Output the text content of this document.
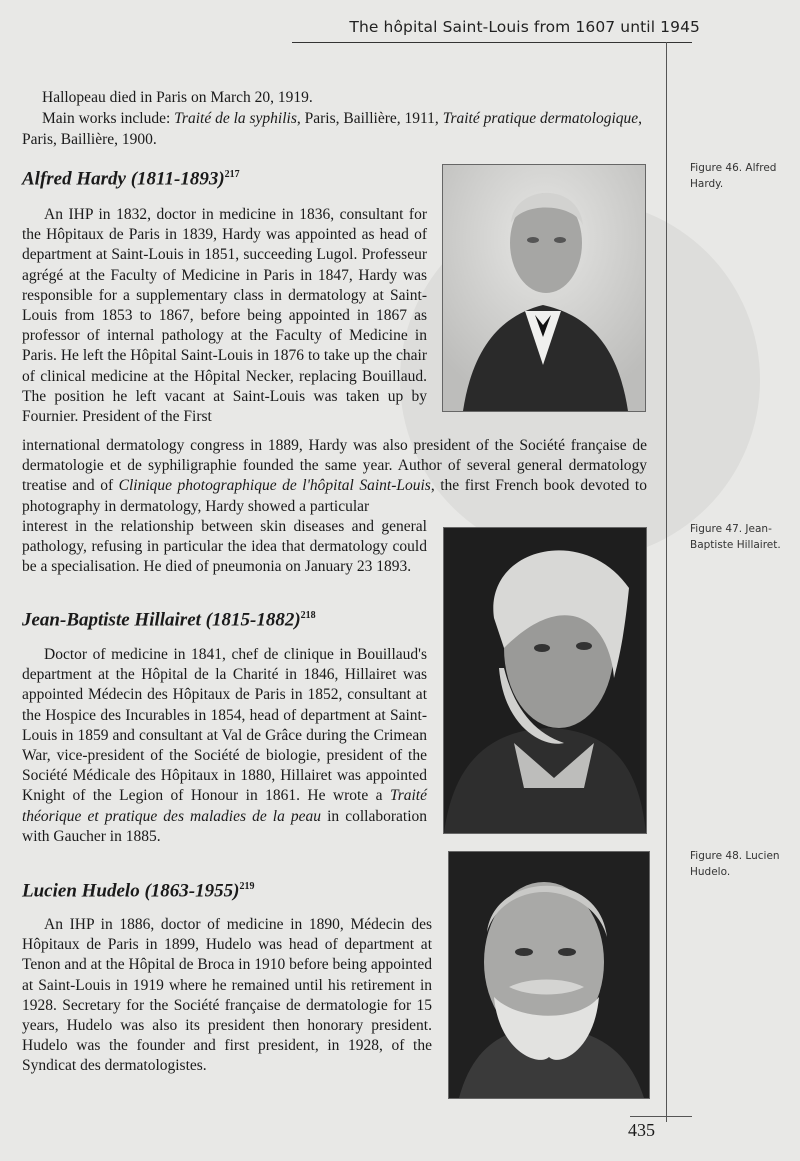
The hôpital Saint-Louis from 1607 until 1945
435

Hallopeau died in Paris on March 20, 1919.

Main works include: Traité de la syphilis, Paris, Baillière, 1911, Traité pratique dermatologique, Paris, Baillière, 1900.

Alfred Hardy (1811-1893)$^{217}$

An IHP in 1832, doctor in medicine in 1836, consultant for the Hôpitaux de Paris in 1839, Hardy was appointed as head of department at Saint-Louis in 1851, succeeding Lugol. Professeur agrégé at the Faculty of Medicine in Paris in 1847, Hardy was responsible for a supplementary class in dermatology at Saint-Louis from 1853 to 1867, before being appointed in 1867 as professor of internal pathology at the Faculty of Medicine in Paris. He left the Hôpital Saint-Louis in 1876 to take up the chair of clinical medicine at the Hôpital Necker, replacing Bouillaud. The position he left vacant at Saint-Louis was taken up by Fournier. President of the First

international dermatology congress in 1889, Hardy was also president of the Société française de dermatologie et de syphiligraphie founded the same year. Author of several general dermatology treatise and of Clinique photographique de l'hôpital Saint-Louis, the first French book devoted to photography in dermatology, Hardy showed a particular
interest in the relationship between skin diseases and general pathology, refusing in particular the idea that dermatology could be a specialisation. He died of pneumonia on January 23 1893.
Figure 46. Alfred Hardy.
Jean-Baptiste Hillairet (1815-1882)$^{218}$

Doctor of medicine in 1841, chef de clinique in Bouillaud's department at the Hôpital de la Charité in 1846, Hillairet was appointed Médecin des Hôpitaux de Paris in 1852, consultant at the Hospice des Incurables in 1854, head of department at Saint-Louis in 1859 and consultant at Val de Grâce during the Crimean War, vice-president of the Société de biologie, president of the Société Médicale des Hôpitaux in 1880, Hillairet was appointed Knight of the Legion of Honour in 1861. He wrote a Traité théorique et pratique des maladies de la peau in collaboration with Gaucher in 1885.

Figure 47. Jean-Baptiste Hillairet.
Lucien Hudelo (1863-1955)$^{219}$

An IHP in 1886, doctor of medicine in 1890, Médecin des Hôpitaux de Paris in 1899, Hudelo was head of department at Tenon and at the Hôpital de Broca in 1910 before being appointed at Saint-Louis in 1919 where he remained until his retirement in 1928. Secretary for the Société française de dermatologie for 15 years, Hudelo was also its president then honorary president. Hudelo was the founder and first president, in 1928, of the Syndicat des dermatologistes.

Figure 48. Lucien Hudelo.
